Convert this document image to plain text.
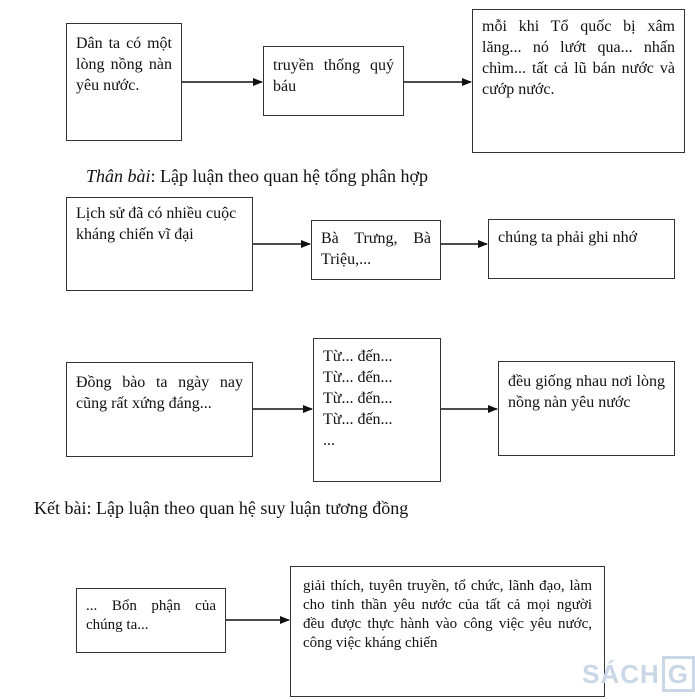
Dân ta có một lòng nồng nàn yêu nước.
truyền thống quý báu
mỗi khi Tổ quốc bị xâm lăng... nó lướt qua... nhấn chìm... tất cả lũ bán nước và cướp nước.
Thân bài: Lập luận theo quan hệ tổng phân hợp
Lịch sử đã có nhiều cuộc kháng chiến vĩ đại	Bà Trưng, Bà Triệu,...
chúng ta phải ghi nhớ
Đồng bào ta ngày nay cũng rất xứng đáng...
Từ... đến...
Từ... đến...
Từ... đến...
Từ... đến...
...
đều giống nhau nơi lòng nồng nàn yêu nước
Kết bài: Lập luận theo quan hệ suy luận tương đồng
... Bổn phận của chúng ta...
giải thích, tuyên truyền, tổ chức, lãnh đạo, làm cho tinh thần yêu nước của tất cả mọi người đều được thực hành vào công việc yêu nước, công việc kháng chiến
SÁCH G
